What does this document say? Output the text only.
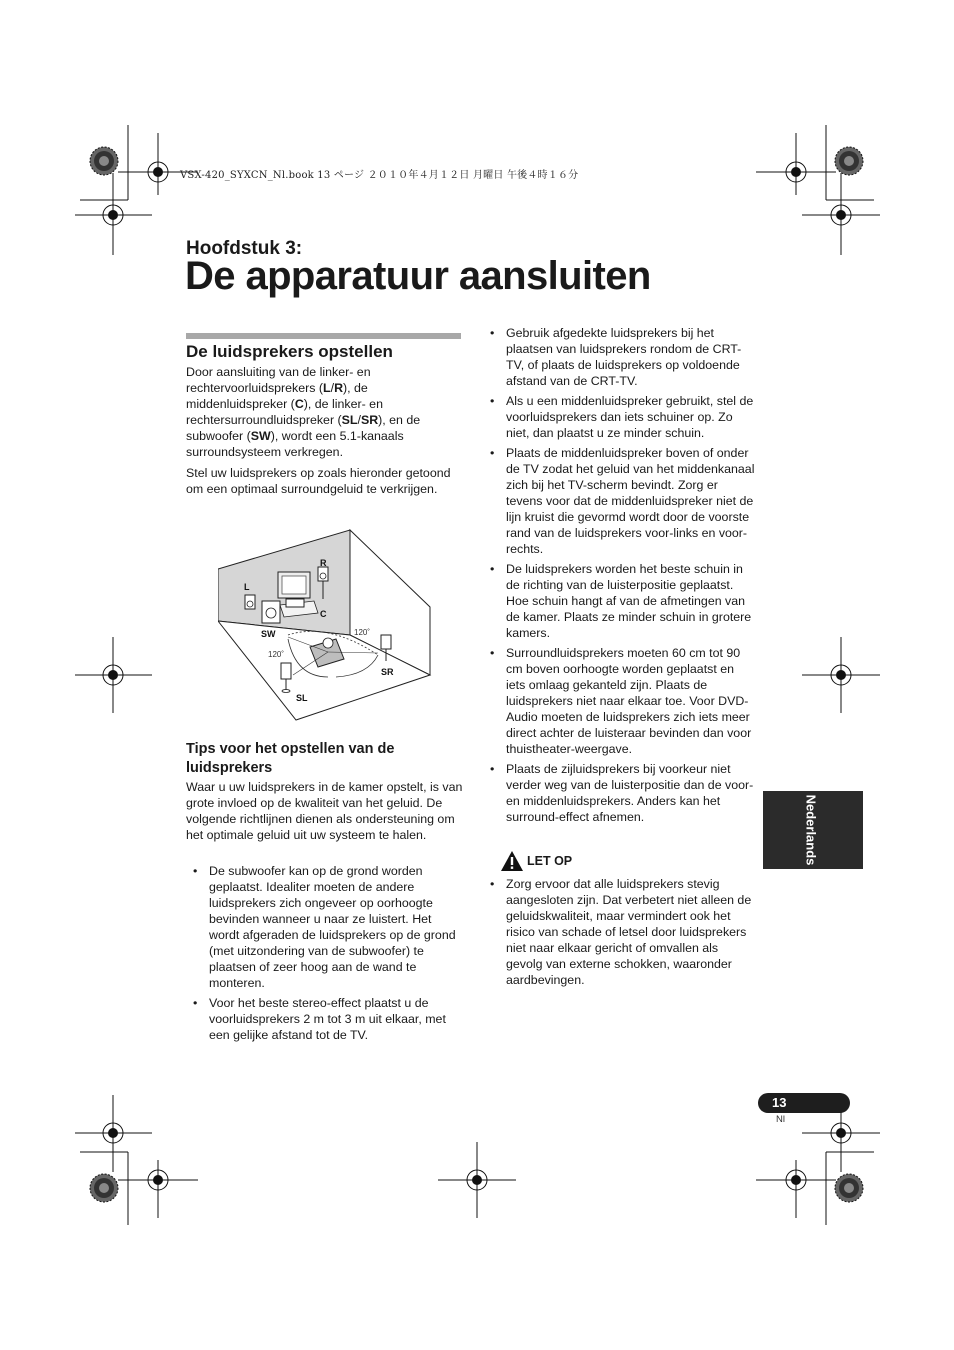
VSX-420_SYXCN_Nl.book 13 ページ ２０１０年４月１２日 月曜日 午後４時１６分
Hoofdstuk 3:
De apparatuur aansluiten
De luidsprekers opstellen

Door aansluiting van de linker- en rechtervoorluidsprekers (L/R), de middenluidspreker (C), de linker- en rechtersurroundluidspreker (SL/SR), en de subwoofer (SW), wordt een 5.1-kanaals surroundsysteem verkregen.

Stel uw luidsprekers op zoals hieronder getoond om een optimaal surroundgeluid te verkrijgen.

R
L
C
SW
SR
SL
120˚
120˚
Tips voor het opstellen van de luidsprekers

Waar u uw luidsprekers in de kamer opstelt, is van grote invloed op de kwaliteit van het geluid. De volgende richtlijnen dienen als ondersteuning om het optimale geluid uit uw systeem te halen.

• De subwoofer kan op de grond worden geplaatst. Idealiter moeten de andere luidsprekers zich ongeveer op oorhoogte bevinden wanneer u naar ze luistert. Het wordt afgeraden de luidsprekers op de grond (met uitzondering van de subwoofer) te plaatsen of zeer hoog aan de wand te monteren.
• Voor het beste stereo-effect plaatst u de voorluidsprekers 2 m tot 3 m uit elkaar, met een gelijke afstand tot de TV.
• Gebruik afgedekte luidsprekers bij het plaatsen van luidsprekers rondom de CRT-TV, of plaats de luidsprekers op voldoende afstand van de CRT-TV.
• Als u een middenluidspreker gebruikt, stel de voorluidsprekers dan iets schuiner op. Zo niet, dan plaatst u ze minder schuin.
• Plaats de middenluidspreker boven of onder de TV zodat het geluid van het middenkanaal zich bij het TV-scherm bevindt. Zorg er tevens voor dat de middenluidspreker niet de lijn kruist die gevormd wordt door de voorste rand van de luidsprekers voor-links en voor-rechts.
• De luidsprekers worden het beste schuin in de richting van de luisterpositie geplaatst. Hoe schuin hangt af van de afmetingen van de kamer. Plaats ze minder schuin in grotere kamers.
• Surroundluidsprekers moeten 60 cm tot 90 cm boven oorhoogte worden geplaatst en iets omlaag gekanteld zijn. Plaats de luidsprekers niet naar elkaar toe. Voor DVD-Audio moeten de luidsprekers zich iets meer direct achter de luisteraar bevinden dan voor thuistheater-weergave.
• Plaats de zijluidsprekers bij voorkeur niet verder weg van de luisterpositie dan de voor- en middenluidsprekers. Anders kan het surround-effect afnemen.
LET OP
• Zorg ervoor dat alle luidsprekers stevig aangesloten zijn. Dat verbetert niet alleen de geluidskwaliteit, maar vermindert ook het risico van schade of letsel door luidsprekers niet naar elkaar gericht of omvallen als gevolg van externe schokken, waaronder aardbevingen.
Nederlands
13
Nl
